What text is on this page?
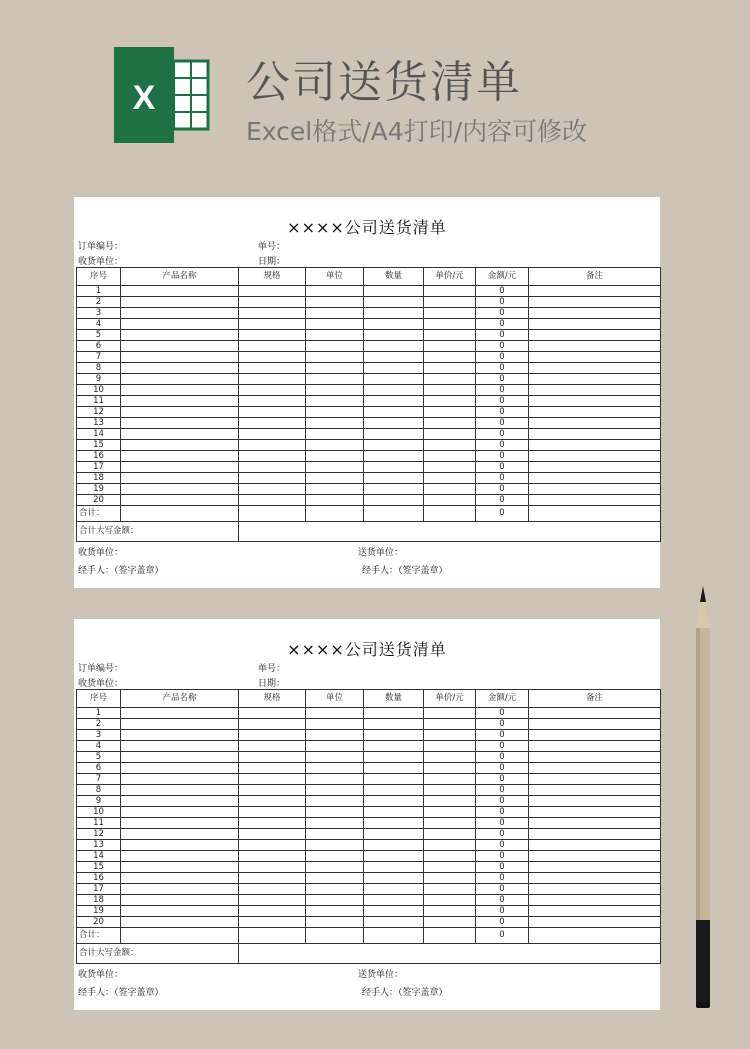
X 公司送货清单
Excel格式/A4打印/内容可修改
××××公司送货清单
订单编号：	单号：
收货单位：	日期：
序号	产品名称	规格	单位	数量	单价/元	金额/元	备注
1						0	
2						0	
3						0	
4						0	
5						0	
6						0	
7						0	
8						0	
9						0	
10						0	
11						0	
12						0	
13						0	
14						0	
15						0	
16						0	
17						0	
18						0	
19						0	
20						0	
合计：						0	
合计大写金额：							
收货单位：	送货单位：
经手人：（签字盖章）	经手人：（签字盖章）
××××公司送货清单
订单编号：	单号：
收货单位：	日期：
序号	产品名称	规格	单位	数量	单价/元	金额/元	备注
1						0	
2						0	
3						0	
4						0	
5						0	
6						0	
7						0	
8						0	
9						0	
10						0	
11						0	
12						0	
13						0	
14						0	
15						0	
16						0	
17						0	
18						0	
19						0	
20						0	
合计：						0	
合计大写金额：							
收货单位：	送货单位：
经手人：（签字盖章）	经手人：（签字盖章）
